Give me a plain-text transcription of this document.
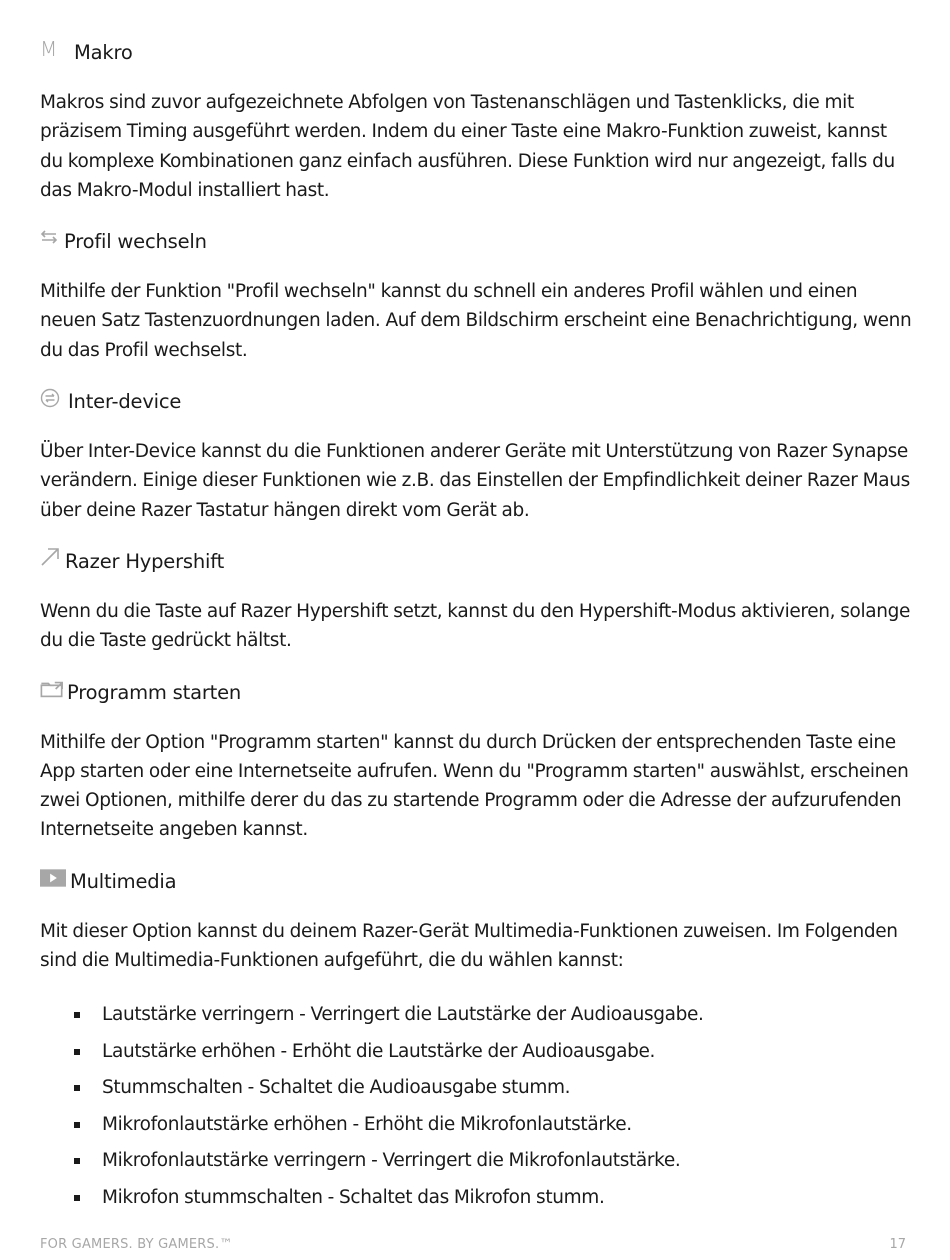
M Makro

Makros sind zuvor aufgezeichnete Abfolgen von Tastenanschlägen und Tastenklicks, die mit präzisem Timing ausgeführt werden. Indem du einer Taste eine Makro-Funktion zuweist, kannst du komplexe Kombinationen ganz einfach ausführen. Diese Funktion wird nur angezeigt, falls du das Makro-Modul installiert hast.

Profil wechseln

Mithilfe der Funktion "Profil wechseln" kannst du schnell ein anderes Profil wählen und einen neuen Satz Tastenzuordnungen laden. Auf dem Bildschirm erscheint eine Benachrichtigung, wenn du das Profil wechselst.

Inter-device

Über Inter-Device kannst du die Funktionen anderer Geräte mit Unterstützung von Razer Synapse verändern. Einige dieser Funktionen wie z.B. das Einstellen der Empfindlichkeit deiner Razer Maus über deine Razer Tastatur hängen direkt vom Gerät ab.

Razer Hypershift

Wenn du die Taste auf Razer Hypershift setzt, kannst du den Hypershift-Modus aktivieren, solange du die Taste gedrückt hältst.

Programm starten

Mithilfe der Option "Programm starten" kannst du durch Drücken der entsprechenden Taste eine App starten oder eine Internetseite aufrufen. Wenn du "Programm starten" auswählst, erscheinen zwei Optionen, mithilfe derer du das zu startende Programm oder die Adresse der aufzurufenden Internetseite angeben kannst.

Multimedia

Mit dieser Option kannst du deinem Razer-Gerät Multimedia-Funktionen zuweisen. Im Folgenden sind die Multimedia-Funktionen aufgeführt, die du wählen kannst:

Lautstärke verringern - Verringert die Lautstärke der Audioausgabe.
Lautstärke erhöhen - Erhöht die Lautstärke der Audioausgabe.
Stummschalten - Schaltet die Audioausgabe stumm.
Mikrofonlautstärke erhöhen - Erhöht die Mikrofonlautstärke.
Mikrofonlautstärke verringern - Verringert die Mikrofonlautstärke.
Mikrofon stummschalten - Schaltet das Mikrofon stumm.
FOR GAMERS. BY GAMERS.™	17
